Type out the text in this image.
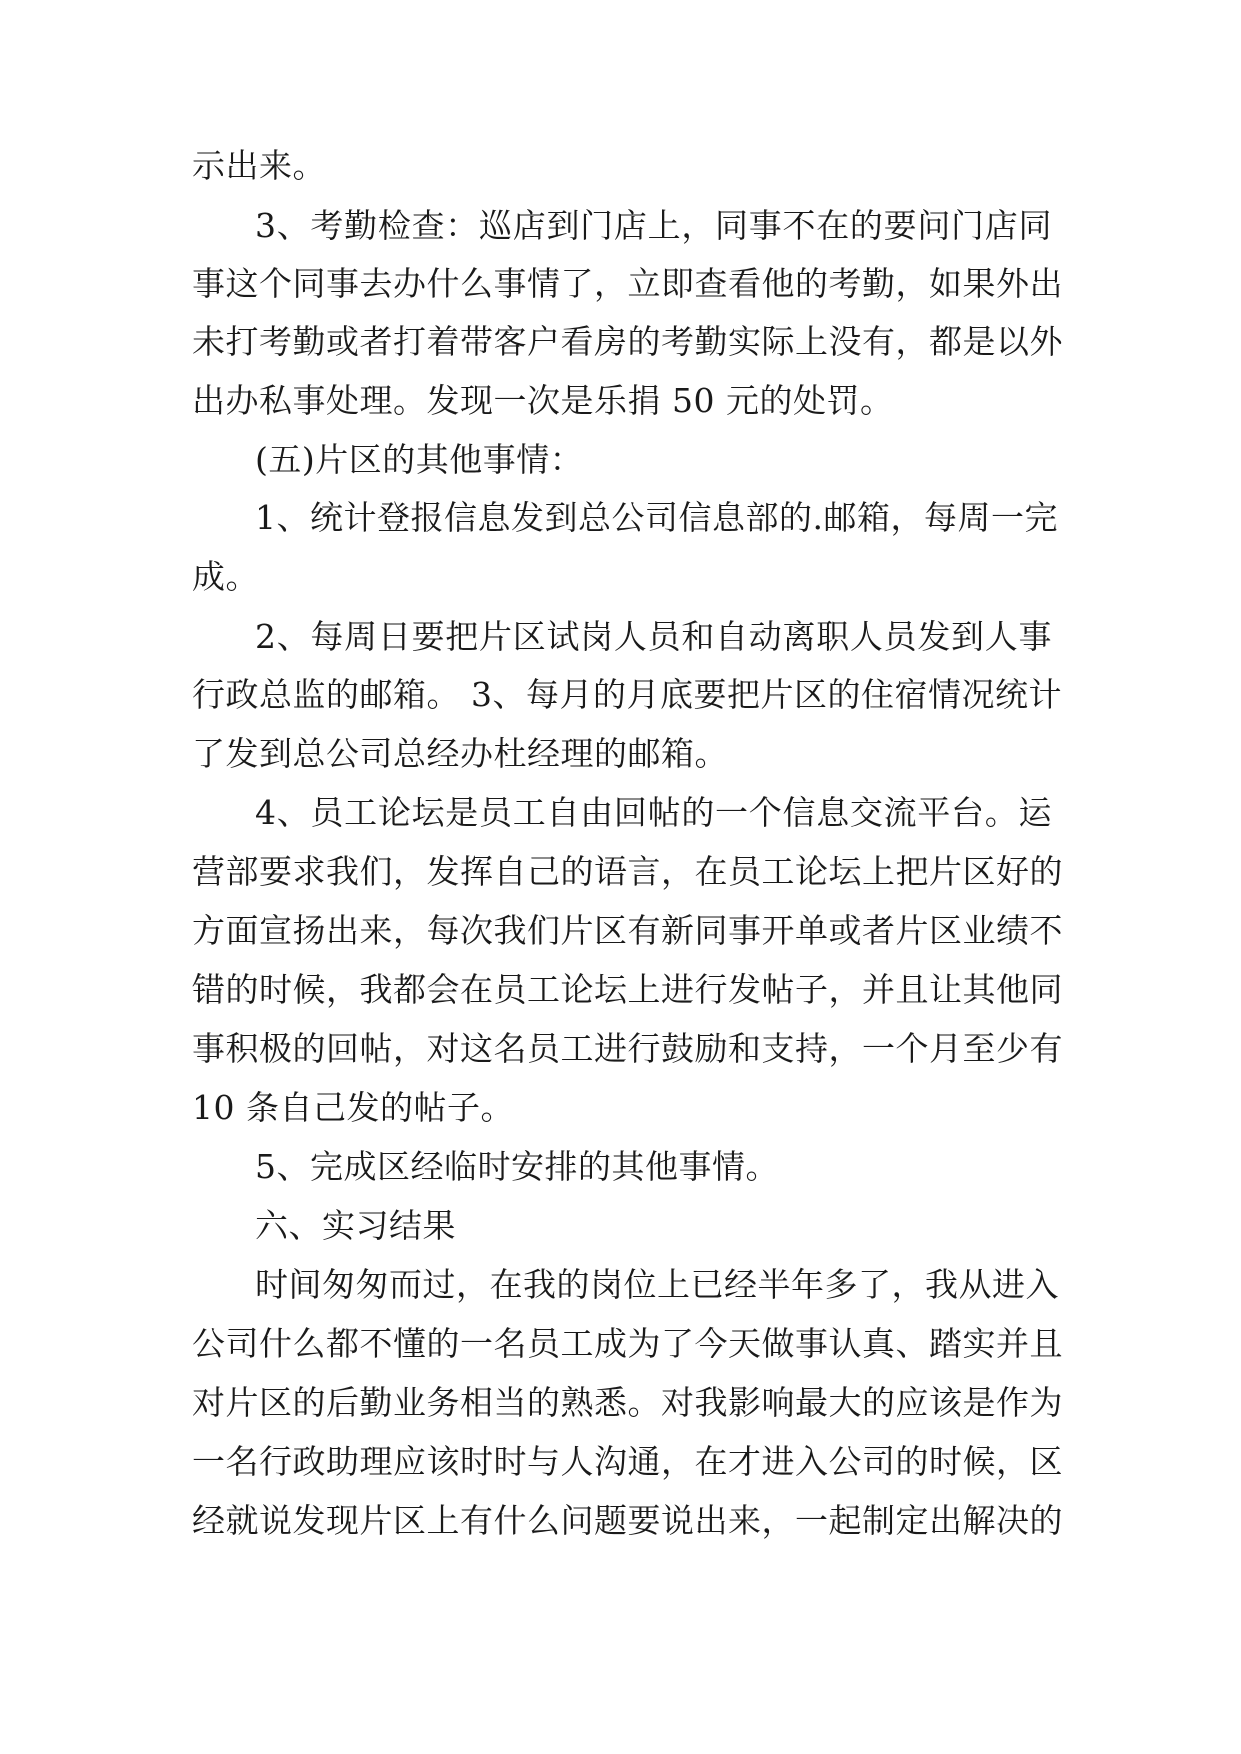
示出来。
3、考勤检查：巡店到门店上，同事不在的要问门店同
事这个同事去办什么事情了，立即查看他的考勤，如果外出
未打考勤或者打着带客户看房的考勤实际上没有，都是以外
出办私事处理。发现一次是乐捐 50 元的处罚。
(五)片区的其他事情：
1、统计登报信息发到总公司信息部的.邮箱，每周一完
成。
2、每周日要把片区试岗人员和自动离职人员发到人事
行政总监的邮箱。 3、每月的月底要把片区的住宿情况统计
了发到总公司总经办杜经理的邮箱。
4、员工论坛是员工自由回帖的一个信息交流平台。运
营部要求我们，发挥自己的语言，在员工论坛上把片区好的
方面宣扬出来，每次我们片区有新同事开单或者片区业绩不
错的时候，我都会在员工论坛上进行发帖子，并且让其他同
事积极的回帖，对这名员工进行鼓励和支持，一个月至少有
10 条自己发的帖子。
5、完成区经临时安排的其他事情。
六、实习结果
时间匆匆而过，在我的岗位上已经半年多了，我从进入
公司什么都不懂的一名员工成为了今天做事认真、踏实并且
对片区的后勤业务相当的熟悉。对我影响最大的应该是作为
一名行政助理应该时时与人沟通，在才进入公司的时候，区
经就说发现片区上有什么问题要说出来，一起制定出解决的
